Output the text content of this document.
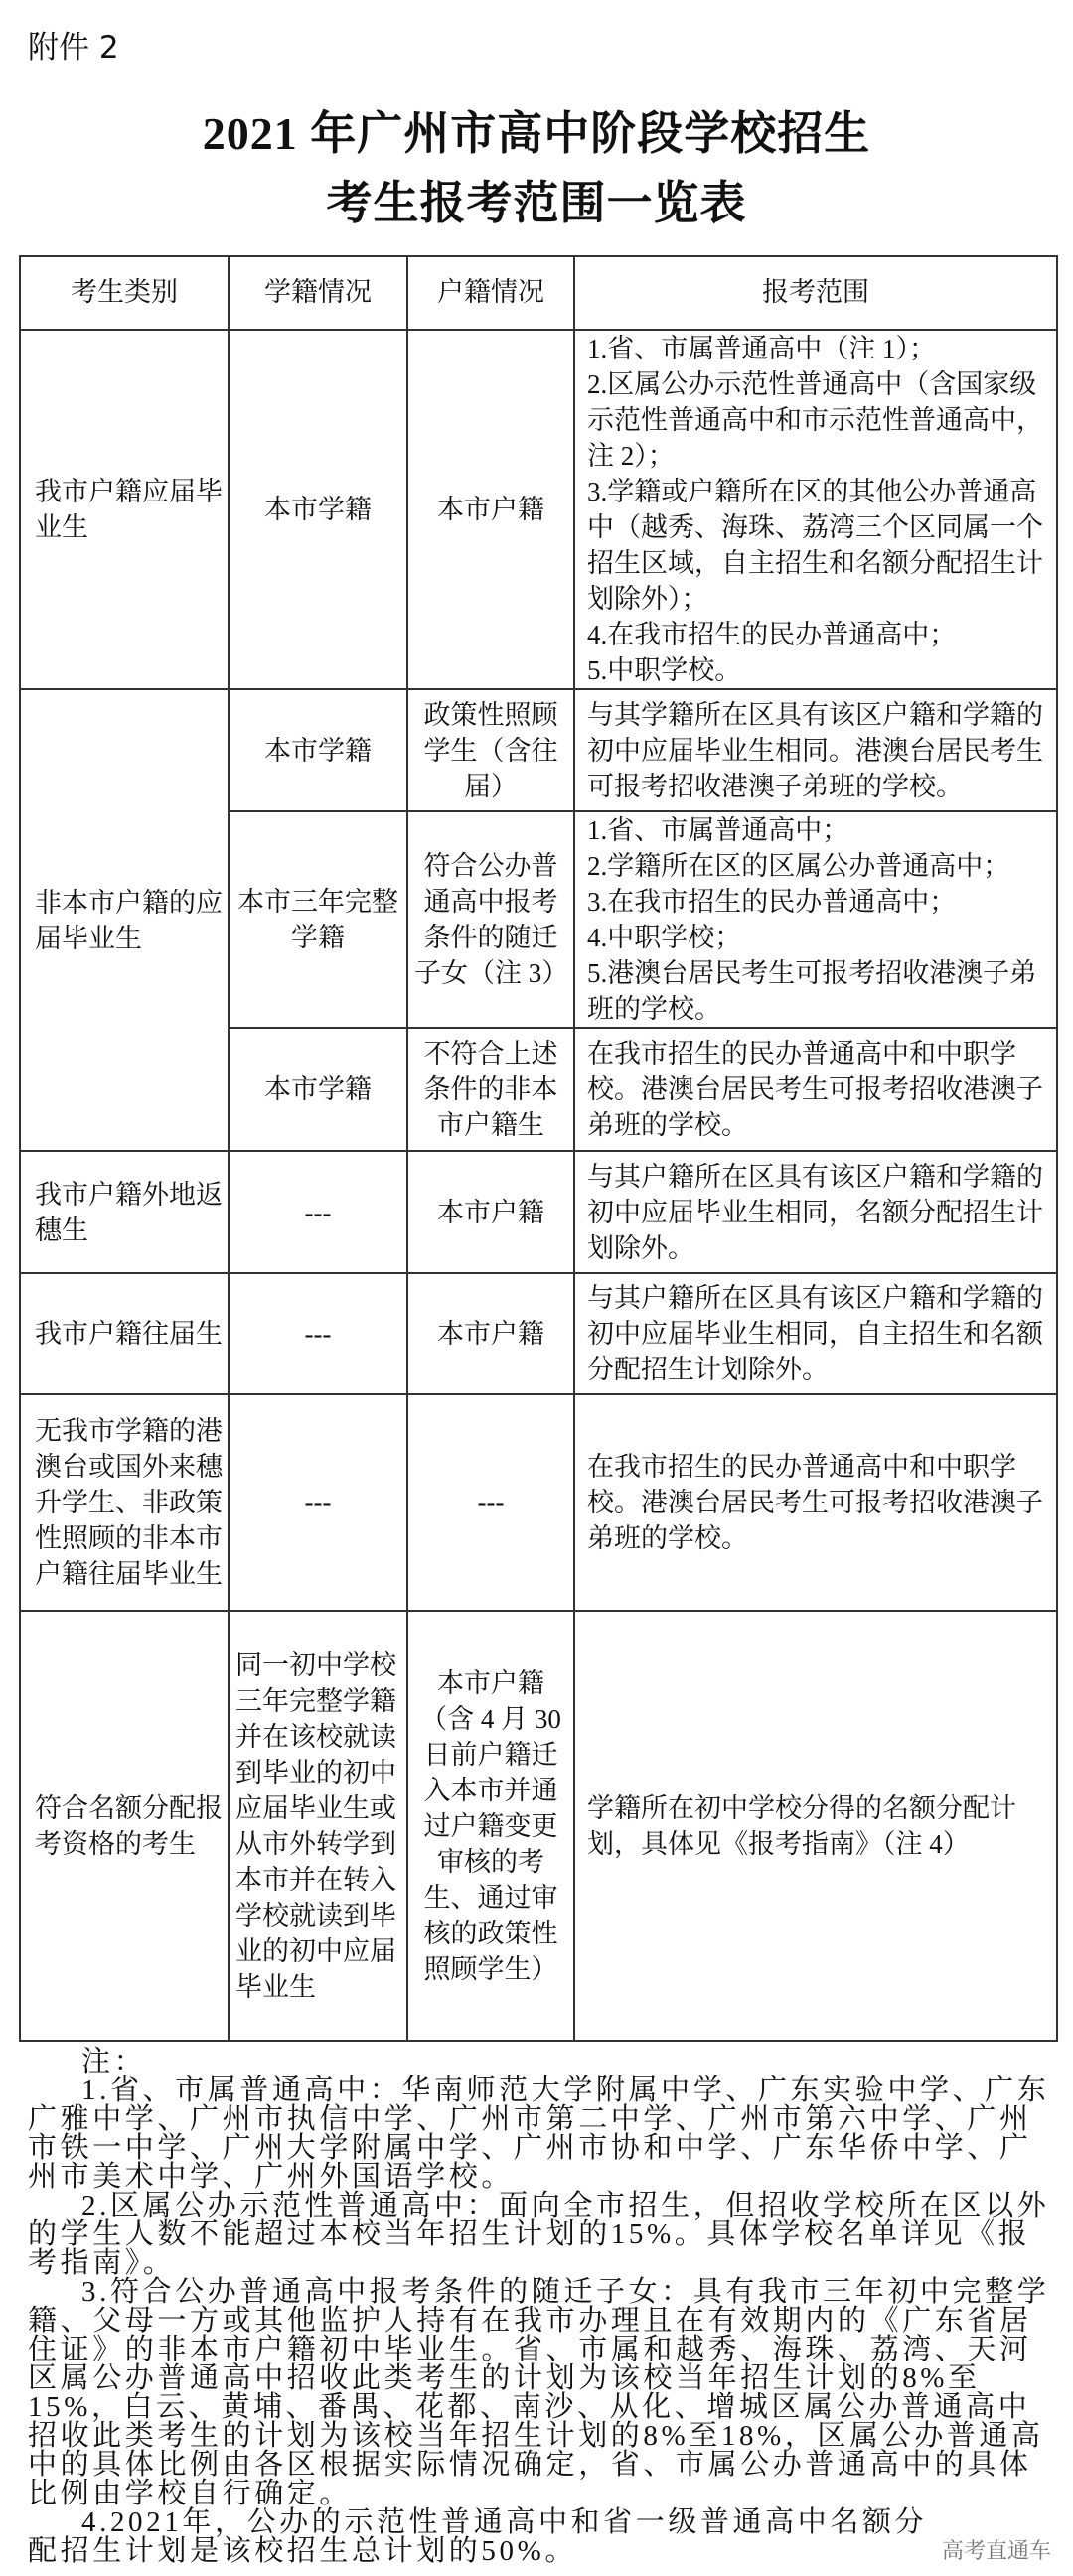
附件 2
2021 年广州市高中阶段学校招生
考生报考范围一览表
考生类别	学籍情况	户籍情况	报考范围
我市户籍应届毕业生	本市学籍	本市户籍	1.省、市属普通高中（注 1）；
2.区属公办示范性普通高中（含国家级示范性普通高中和市示范性普通高中，注 2）；
3.学籍或户籍所在区的其他公办普通高中（越秀、海珠、荔湾三个区同属一个招生区域，自主招生和名额分配招生计划除外）；
4.在我市招生的民办普通高中；
5.中职学校。
非本市户籍的应届毕业生	本市学籍	政策性照顾学生（含往届）	与其学籍所在区具有该区户籍和学籍的初中应届毕业生相同。港澳台居民考生可报考招收港澳子弟班的学校。
	本市三年完整学籍	符合公办普通高中报考条件的随迁子女（注 3）	1.省、市属普通高中；
2.学籍所在区的区属公办普通高中；
3.在我市招生的民办普通高中；
4.中职学校；
5.港澳台居民考生可报考招收港澳子弟班的学校。
	本市学籍	不符合上述条件的非本市户籍生	在我市招生的民办普通高中和中职学校。港澳台居民考生可报考招收港澳子弟班的学校。
我市户籍外地返穗生	---	本市户籍	与其户籍所在区具有该区户籍和学籍的初中应届毕业生相同，名额分配招生计划除外。
我市户籍往届生	---	本市户籍	与其户籍所在区具有该区户籍和学籍的初中应届毕业生相同，自主招生和名额分配招生计划除外。
无我市学籍的港澳台或国外来穗升学生、非政策性照顾的非本市户籍往届毕业生	---	---	在我市招生的民办普通高中和中职学校。港澳台居民考生可报考招收港澳子弟班的学校。
符合名额分配报考资格的考生	同一初中学校三年完整学籍并在该校就读到毕业的初中应届毕业生或从市外转学到本市并在转入学校就读到毕业的初中应届毕业生	本市户籍（含 4 月 30 日前户籍迁入本市并通过户籍变更审核的考生、通过审核的政策性照顾学生）	学籍所在初中学校分得的名额分配计划，具体见《报考指南》（注 4）

注：

1.省、市属普通高中：华南师范大学附属中学、广东实验中学、广东广雅中学、广州市执信中学、广州市第二中学、广州市第六中学、广州市铁一中学、广州大学附属中学、广州市协和中学、广东华侨中学、广州市美术中学、广州外国语学校。

2.区属公办示范性普通高中：面向全市招生，但招收学校所在区以外的学生人数不能超过本校当年招生计划的15%。具体学校名单详见《报考指南》。

3.符合公办普通高中报考条件的随迁子女：具有我市三年初中完整学籍、父母一方或其他监护人持有在我市办理且在有效期内的《广东省居住证》的非本市户籍初中毕业生。省、市属和越秀、海珠、荔湾、天河区属公办普通高中招收此类考生的计划为该校当年招生计划的8%至15%，白云、黄埔、番禺、花都、南沙、从化、增城区属公办普通高中招收此类考生的计划为该校当年招生计划的8%至18%，区属公办普通高中的具体比例由各区根据实际情况确定，省、市属公办普通高中的具体比例由学校自行确定。

高考直通车
4.2021年，公办的示范性普通高中和省一级普通高中名额分配招生计划是该校招生总计划的50%。
